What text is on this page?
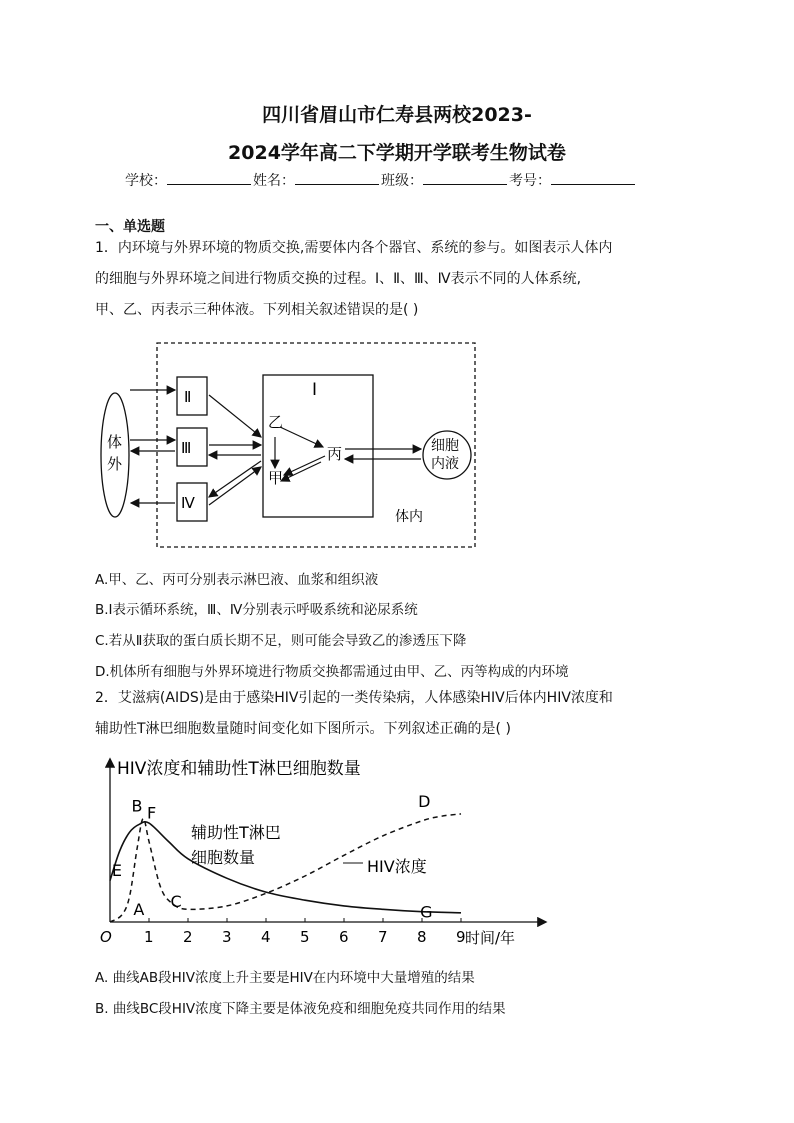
四川省眉山市仁寿县两校2023-
2024学年高二下学期开学联考生物试卷
学校：	姓名：	班级：	考号：
一、单选题
1．内环境与外界环境的物质交换,需要体内各个器官、系统的参与。如图表示人体内
的细胞与外界环境之间进行物质交换的过程。Ⅰ、Ⅱ、Ⅲ、Ⅳ表示不同的人体系统,
甲、乙、丙表示三种体液。下列相关叙述错误的是( )
体
外
Ⅱ
Ⅲ
Ⅳ
Ⅰ
乙
丙
甲
细胞
内液
体内
A.甲、乙、丙可分别表示淋巴液、血浆和组织液
B.Ⅰ表示循环系统，Ⅲ、Ⅳ分别表示呼吸系统和泌尿系统
C.若从Ⅱ获取的蛋白质长期不足，则可能会导致乙的渗透压下降
D.机体所有细胞与外界环境进行物质交换都需通过由甲、乙、丙等构成的内环境
2．艾滋病(AIDS)是由于感染HIV引起的一类传染病，人体感染HIV后体内HIV浓度和
辅助性T淋巴细胞数量随时间变化如下图所示。下列叙述正确的是( )
HIV浓度和辅助性T淋巴细胞数量
时间/年
O 1 2 3 4 5 6 7 8 9
A
B
C
D
E
F
G
辅助性T淋巴
细胞数量	HIV浓度
A. 曲线AB段HIV浓度上升主要是HIV在内环境中大量增殖的结果
B. 曲线BC段HIV浓度下降主要是体液免疫和细胞免疫共同作用的结果
